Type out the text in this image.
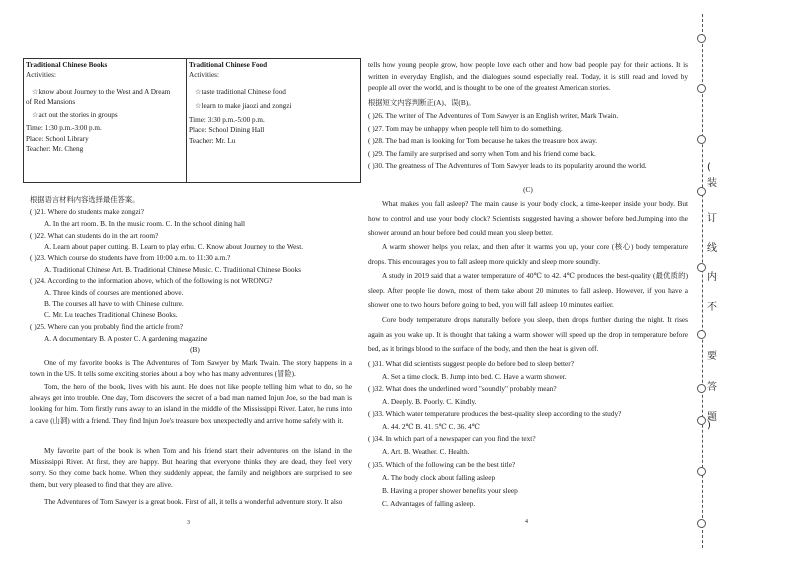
Traditional Chinese Books
Activities:
☆know about Journey to the West and A Dream
of Red Mansions
☆act out the stories in groups
Time: 1:30 p.m.-3:00 p.m.
Place: School Library
Teacher: Mr. Cheng

Traditional Chinese Food
Activities:
☆taste traditional Chinese food
☆learn to make jiaozi and zongzi
Time: 3:30 p.m.-5:00 p.m.
Place: School Dining Hall
Teacher: Mr. Lu
根据语言材料内容选择最佳答案。
( )21. Where do students make zongzi?
A. In the art room. B. In the music room. C. In the school dining hall
( )22. What can students do in the art room?
A. Learn about paper cutting. B. Learn to play erhu. C. Know about Journey to the West.
( )23. Which course do students have from 10:00 a.m. to 11:30 a.m.?
A. Traditional Chinese Art. B. Traditional Chinese Music. C. Traditional Chinese Books
( )24. According to the information above, which of the following is not WRONG?
A. Three kinds of courses are mentioned above.
B. The courses all have to with Chinese culture.
C. Mr. Lu teaches Traditional Chinese Books.
( )25. Where can you probably find the article from?
A. A documentary B. A poster C. A gardening magazine
(B)
One of my favorite books is The Adventures of Tom Sawyer by Mark Twain. The story happens in a town in the US. It tells some exciting stories about a boy who has many adventures (冒险).
Tom, the hero of the book, lives with his aunt. He does not like people telling him what to do, so he always get into trouble. One day, Tom discovers the secret of a bad man named Injun Joe, so the bad man is looking for him. Tom firstly runs away to an island in the middle of the Mississippi River. Later, he runs into a cave (山洞) with a friend. They find Injun Joe's treasure box unexpectedly and arrive home safely with it.
My favorite part of the book is when Tom and his friend start their adventures on the island in the Mississippi River. At first, they are happy. But hearing that everyone thinks they are dead, they feel very sorry. So they come back home. When they suddenly appear, the family and neighbors are surprised to see them, but very pleased to find that they are alive.
The Adventures of Tom Sawyer is a great book. First of all, it tells a wonderful adventure story. It also
3
tells how young people grow, how people love each other and how bad people pay for their actions. It is written in everyday English, and the dialogues sound especially real. Today, it is still read and loved by people all over the world, and is thought to be one of the greatest American stories.
根据短文内容判断正(A)、误(B)。
( )26. The writer of The Adventures of Tom Sawyer is an English writer, Mark Twain.
( )27. Tom may be unhappy when people tell him to do something.
( )28. The bad man is looking for Tom because he takes the treasure box away.
( )29. The family are surprised and sorry when Tom and his friend come back.
( )30. The greatness of The Adventures of Tom Sawyer leads to its popularity around the world.
(C)
What makes you fall asleep? The main cause is your body clock, a time-keeper inside your body. But how to control and use your body clock? Scientists suggested having a shower before bed.Jumping into the shower around an hour before bed could mean you sleep better.
A warm shower helps you relax, and then after it warms you up, your core (核心) body temperature drops. This encourages you to fall asleep more quickly and sleep more soundly.
A study in 2019 said that a water temperature of 40℃ to 42. 4℃ produces the best-quality (最优质的) sleep. After people lie down, most of them take about 20 minutes to fall asleep. However, if you have a shower one to two hours before going to bed, you will fall asleep 10 minutes earlier.
Core body temperature drops naturally before you sleep, then drops further during the night. It rises again as you wake up. It is thought that taking a warm shower will speed up the drop in temperature before bed, as it brings blood to the surface of the body, and then the heat is given off.
( )31. What did scientists suggest people do before bed to sleep better?
A. Set a time clock. B. Jump into bed. C. Have a warm shower.
( )32. What does the underlined word "soundly" probably mean?
A. Deeply. B. Poorly. C. Kindly.
( )33. Which water temperature produces the best-quality sleep according to the study?
A. 44. 2℃ B. 41. 5℃ C. 36. 4℃
( )34. In which part of a newspaper can you find the text?
A. Art. B. Weather. C. Health.
( )35. Which of the following can be the best title?
A. The body clock about falling asleep
B. Having a proper shower benefits your sleep
C. Advantages of falling asleep.
4
(
装
订
线
内
不
要
答
题
)
